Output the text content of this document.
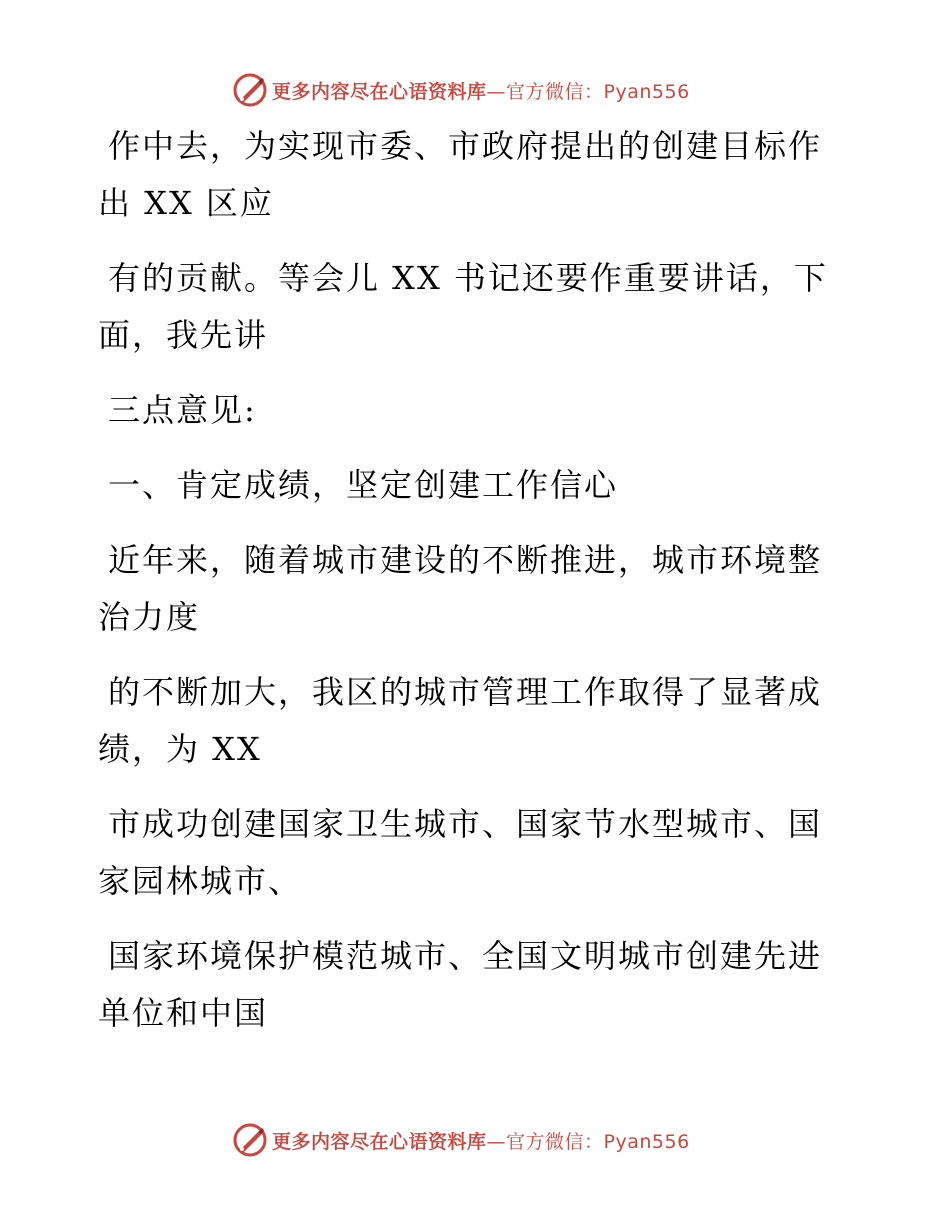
更多内容尽在心语资料库—官方微信：Pyan556

作中去，为实现市委、市政府提出的创建目标作出 XX 区应

有的贡献。等会儿 XX 书记还要作重要讲话，下面，我先讲

三点意见:

一、肯定成绩，坚定创建工作信心

近年来，随着城市建设的不断推进，城市环境整治力度

的不断加大，我区的城市管理工作取得了显著成绩，为 XX

市成功创建国家卫生城市、国家节水型城市、国家园林城市、

国家环境保护模范城市、全国文明城市创建先进单位和中国

更多内容尽在心语资料库—官方微信：Pyan556
